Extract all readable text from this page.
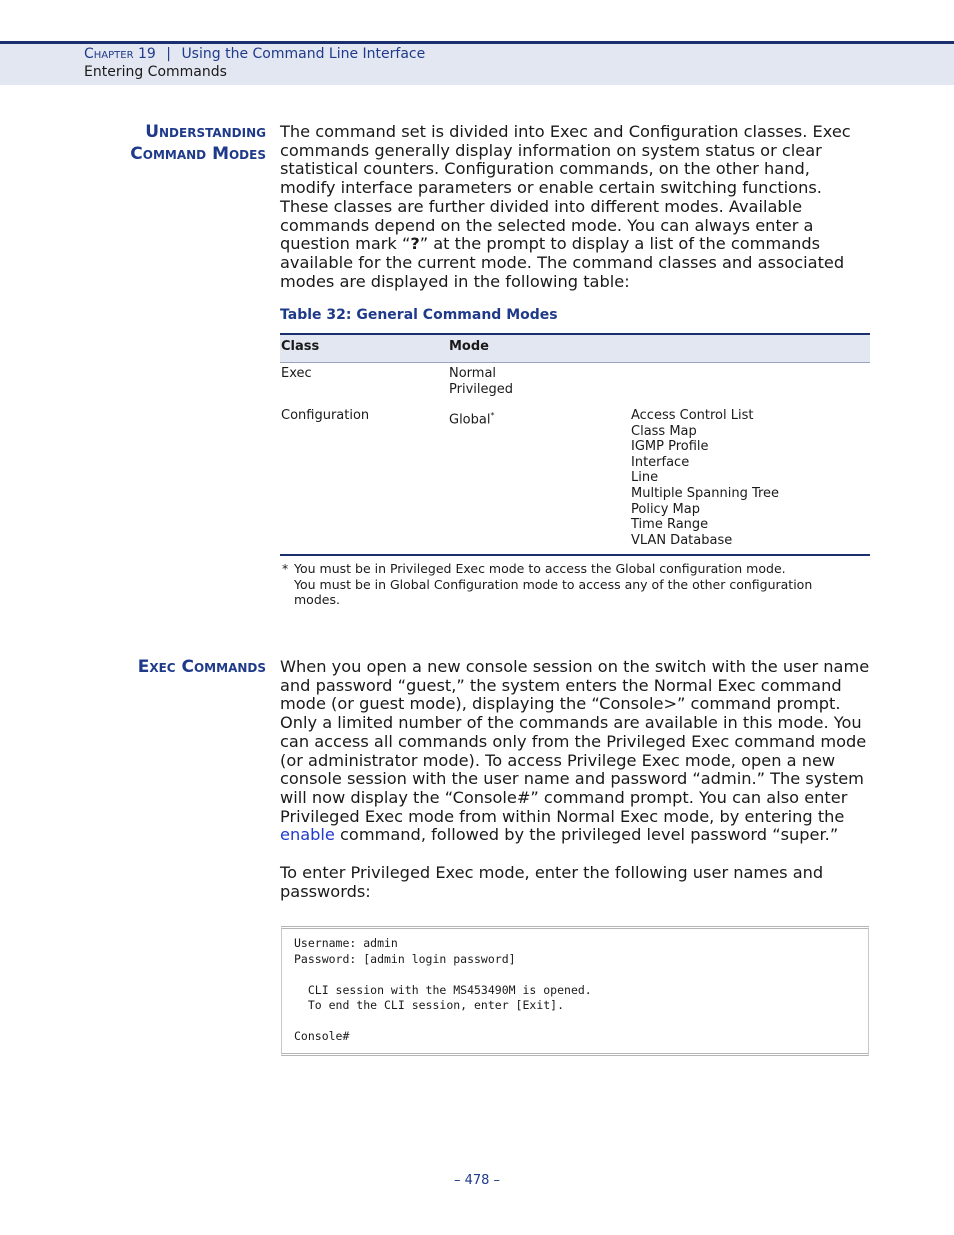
Chapter 19 | Using the Command Line Interface
Entering Commands
Understanding
Command Modes
The command set is divided into Exec and Configuration classes. Exec commands generally display information on system status or clear statistical counters. Configuration commands, on the other hand, modify interface parameters or enable certain switching functions. These classes are further divided into different modes. Available commands depend on the selected mode. You can always enter a question mark “?” at the prompt to display a list of the commands available for the current mode. The command classes and associated modes are displayed in the following table:
Table 32: General Command Modes
Class	Mode
Exec	Normal
Privileged
Configuration	Global*	Access Control List
Class Map
IGMP Profile
Interface
Line
Multiple Spanning Tree
Policy Map
Time Range
VLAN Database
* You must be in Privileged Exec mode to access the Global configuration mode.
You must be in Global Configuration mode to access any of the other configuration modes.
Exec Commands When you open a new console session on the switch with the user name and password “guest,” the system enters the Normal Exec command mode (or guest mode), displaying the “Console>” command prompt. Only a limited number of the commands are available in this mode. You can access all commands only from the Privileged Exec command mode (or administrator mode). To access Privilege Exec mode, open a new console session with the user name and password “admin.” The system will now display the “Console#” command prompt. You can also enter Privileged Exec mode from within Normal Exec mode, by entering the enable command, followed by the privileged level password “super.”
To enter Privileged Exec mode, enter the following user names and passwords:
Username: admin
Password: [admin login password]

CLI session with the MS453490M is opened.
To end the CLI session, enter [Exit].

Console#
– 478 –
